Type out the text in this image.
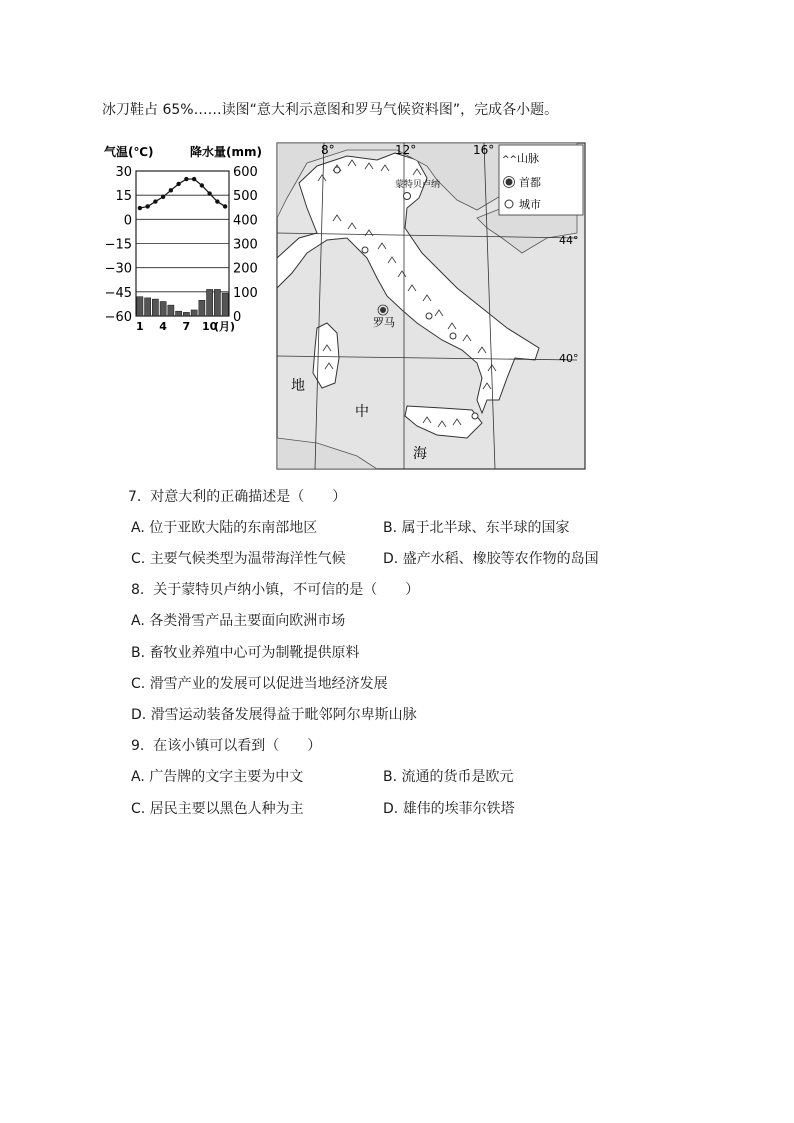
冰刀鞋占 65%……读图“意大利示意图和罗马气候资料图”，完成各小题。
气温(℃)	降水量(mm)
30
15
0
−15
−30
−45
−60
600
500
400
300
200
100
0
1 4 7 10
(月)
^^ 山脉
首都
城市
8°	12°	16°
44°
40°
蒙特贝卢纳
罗马
地
中
海
7. 对意大利的正确描述是（　　）
A. 位于亚欧大陆的东南部地区	B. 属于北半球、东半球的国家
C. 主要气候类型为温带海洋性气候	D. 盛产水稻、橡胶等农作物的岛国
8. 关于蒙特贝卢纳小镇，不可信的是（　　）
A. 各类滑雪产品主要面向欧洲市场
B. 畜牧业养殖中心可为制靴提供原料
C. 滑雪产业的发展可以促进当地经济发展
D. 滑雪运动装备发展得益于毗邻阿尔卑斯山脉
9. 在该小镇可以看到（　　）
A. 广告牌的文字主要为中文	B. 流通的货币是欧元
C. 居民主要以黑色人种为主	D. 雄伟的埃菲尔铁塔
